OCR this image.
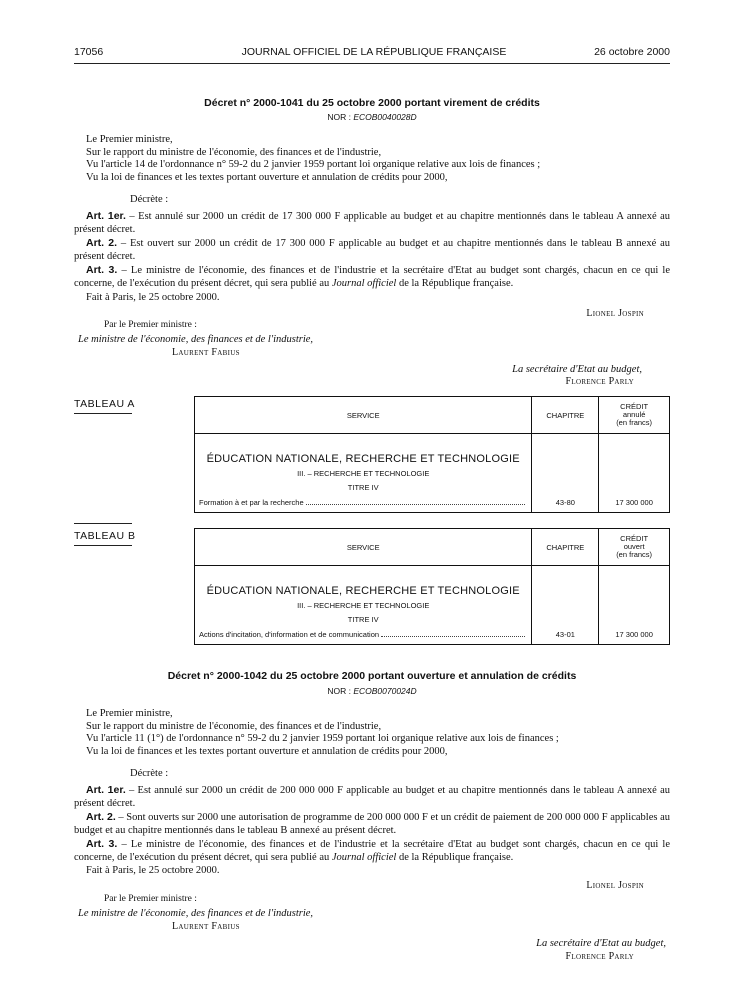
17056	JOURNAL OFFICIEL DE LA RÉPUBLIQUE FRANÇAISE	26 octobre 2000
Décret n° 2000-1041 du 25 octobre 2000 portant virement de crédits
NOR : ECOB0040028D
Le Premier ministre,
Sur le rapport du ministre de l'économie, des finances et de l'industrie,
Vu l'article 14 de l'ordonnance n° 59-2 du 2 janvier 1959 portant loi organique relative aux lois de finances ;
Vu la loi de finances et les textes portant ouverture et annulation de crédits pour 2000,
Décrète :
Art. 1er. – Est annulé sur 2000 un crédit de 17 300 000 F applicable au budget et au chapitre mentionnés dans le tableau A annexé au présent décret.
Art. 2. – Est ouvert sur 2000 un crédit de 17 300 000 F applicable au budget et au chapitre mentionnés dans le tableau B annexé au présent décret.
Art. 3. – Le ministre de l'économie, des finances et de l'industrie et la secrétaire d'Etat au budget sont chargés, chacun en ce qui le concerne, de l'exécution du présent décret, qui sera publié au Journal officiel de la République française.
Fait à Paris, le 25 octobre 2000.
Lionel Jospin
Par le Premier ministre :
Le ministre de l'économie, des finances et de l'industrie,
Laurent Fabius
La secrétaire d'Etat au budget,
Florence Parly
TABLEAU A
SERVICE	CHAPITRE	CRÉDIT
annulé
(en francs)

ÉDUCATION NATIONALE, RECHERCHE ET TECHNOLOGIE
III. – RECHERCHE ET TECHNOLOGIE
TITRE IV
Formation à et par la recherche	43-80	17 300 000
TABLEAU B
SERVICE	CHAPITRE	CRÉDIT
ouvert
(en francs)

ÉDUCATION NATIONALE, RECHERCHE ET TECHNOLOGIE
III. – RECHERCHE ET TECHNOLOGIE
TITRE IV
Actions d'incitation, d'information et de communication	43-01	17 300 000
Décret n° 2000-1042 du 25 octobre 2000 portant ouverture et annulation de crédits
NOR : ECOB0070024D
Le Premier ministre,
Sur le rapport du ministre de l'économie, des finances et de l'industrie,
Vu l'article 11 (1°) de l'ordonnance n° 59-2 du 2 janvier 1959 portant loi organique relative aux lois de finances ;
Vu la loi de finances et les textes portant ouverture et annulation de crédits pour 2000,
Décrète :
Art. 1er. – Est annulé sur 2000 un crédit de 200 000 000 F applicable au budget et au chapitre mentionnés dans le tableau A annexé au présent décret.
Art. 2. – Sont ouverts sur 2000 une autorisation de programme de 200 000 000 F et un crédit de paiement de 200 000 000 F applicables au budget et au chapitre mentionnés dans le tableau B annexé au présent décret.
Art. 3. – Le ministre de l'économie, des finances et de l'industrie et la secrétaire d'Etat au budget sont chargés, chacun en ce qui le concerne, de l'exécution du présent décret, qui sera publié au Journal officiel de la République française.
Fait à Paris, le 25 octobre 2000.
Lionel Jospin
Par le Premier ministre :
Le ministre de l'économie, des finances et de l'industrie,
Laurent Fabius
La secrétaire d'Etat au budget,
Florence Parly
